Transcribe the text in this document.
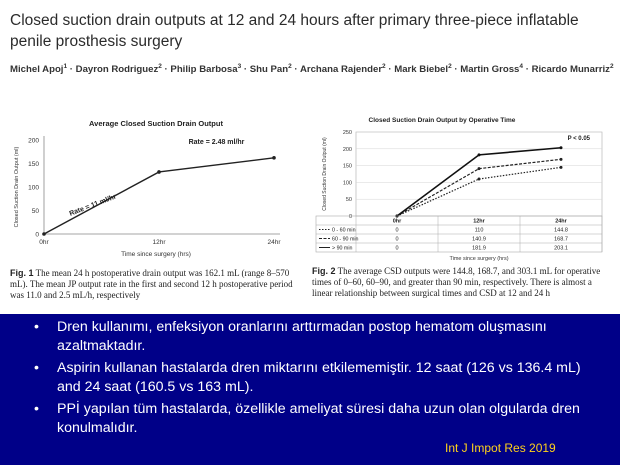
Closed suction drain outputs at 12 and 24 hours after primary three-piece inflatable penile prosthesis surgery
Michel Apoj$^1$ · Dayron Rodriguez$^2$ · Philip Barbosa$^3$ · Shu Pan$^2$ · Archana Rajender$^2$ · Mark Biebel$^2$ · Martin Gross$^4$ · Ricardo Munarriz$^2$
Average Closed Suction Drain Output
0
50
100
150
200
0hr	12hr	24hr
Time since surgery (hrs)
Closed Suction Drain Output (ml)	Rate = 11 ml/hr
Rate = 2.48 ml/hr
Closed Suction Drain Output by Operative Time
0
50
100
150
200
250
Closed Suction Drain Output (ml)	P < 0.05
0hr	12hr	24hr
0 - 60 min	0	110	144.8
60 - 90 min	0	140.9	168.7
> 90 min	0	181.9	203.1
Time since surgery (hrs)
Fig. 1 The mean 24 h postoperative drain output was 162.1 mL (range 8–570 mL). The mean JP output rate in the first and second 12 h postoperative period was 11.0 and 2.5 mL/h, respectively
Fig. 2 The average CSD outputs were 144.8, 168.7, and 303.1 mL for operative times of 0–60, 60–90, and greater than 90 min, respectively. There is almost a linear relationship between surgical times and CSD at 12 and 24 h
• Dren kullanımı, enfeksiyon oranlarını arttırmadan postop hematom oluşmasını azaltmaktadır.
• Aspirin kullanan hastalarda dren miktarını etkilememiştir. 12 saat (126 vs 136.4 mL) and 24 saat (160.5 vs 163 mL).
• PPİ yapılan tüm hastalarda, özellikle ameliyat süresi daha uzun olan olgularda dren konulmalıdır.
Int J Impot Res 2019
